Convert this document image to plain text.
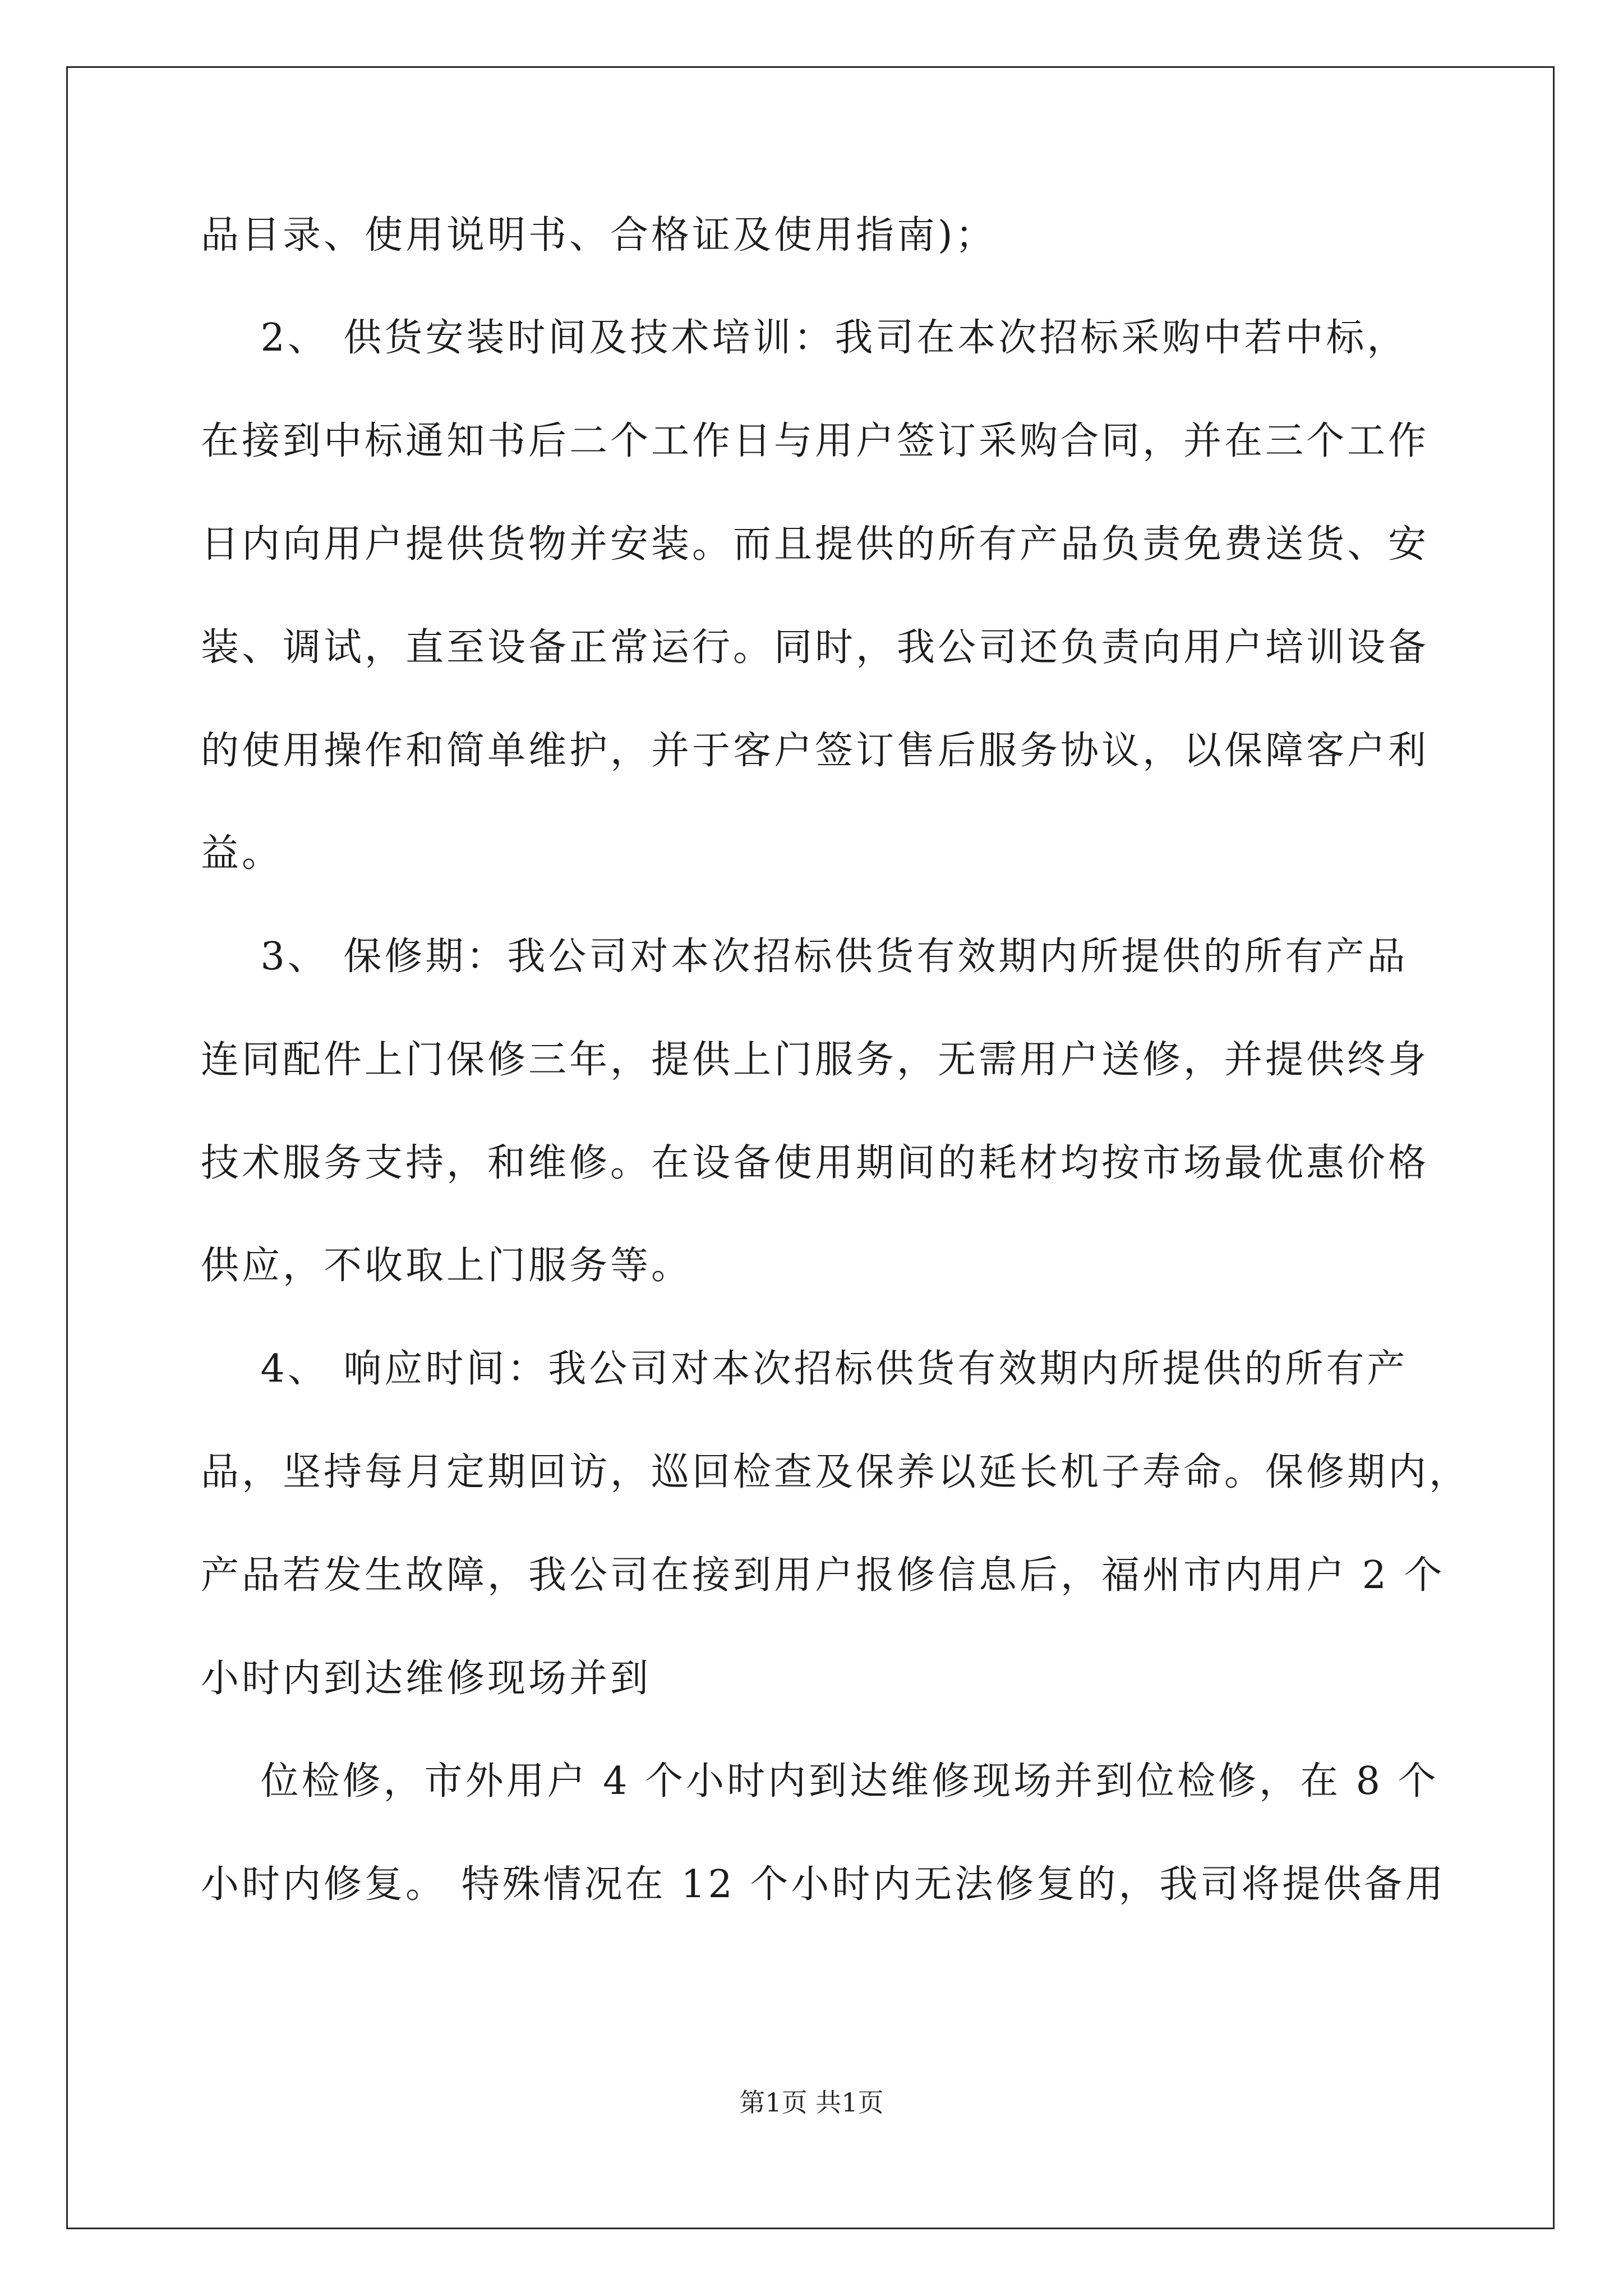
品目录、使用说明书、合格证及使用指南)；
2、 供货安装时间及技术培训：我司在本次招标采购中若中标，
在接到中标通知书后二个工作日与用户签订采购合同，并在三个工作
日内向用户提供货物并安装。而且提供的所有产品负责免费送货、安
装、调试，直至设备正常运行。同时，我公司还负责向用户培训设备
的使用操作和简单维护，并于客户签订售后服务协议，以保障客户利
益。
3、 保修期：我公司对本次招标供货有效期内所提供的所有产品
连同配件上门保修三年，提供上门服务，无需用户送修，并提供终身
技术服务支持，和维修。在设备使用期间的耗材均按市场最优惠价格
供应，不收取上门服务等。
4、 响应时间：我公司对本次招标供货有效期内所提供的所有产
品，坚持每月定期回访，巡回检查及保养以延长机子寿命。保修期内，
产品若发生故障，我公司在接到用户报修信息后，福州市内用户 2 个
小时内到达维修现场并到
位检修，市外用户 4 个小时内到达维修现场并到位检修，在 8 个
小时内修复。 特殊情况在 12 个小时内无法修复的，我司将提供备用
第1页 共1页
